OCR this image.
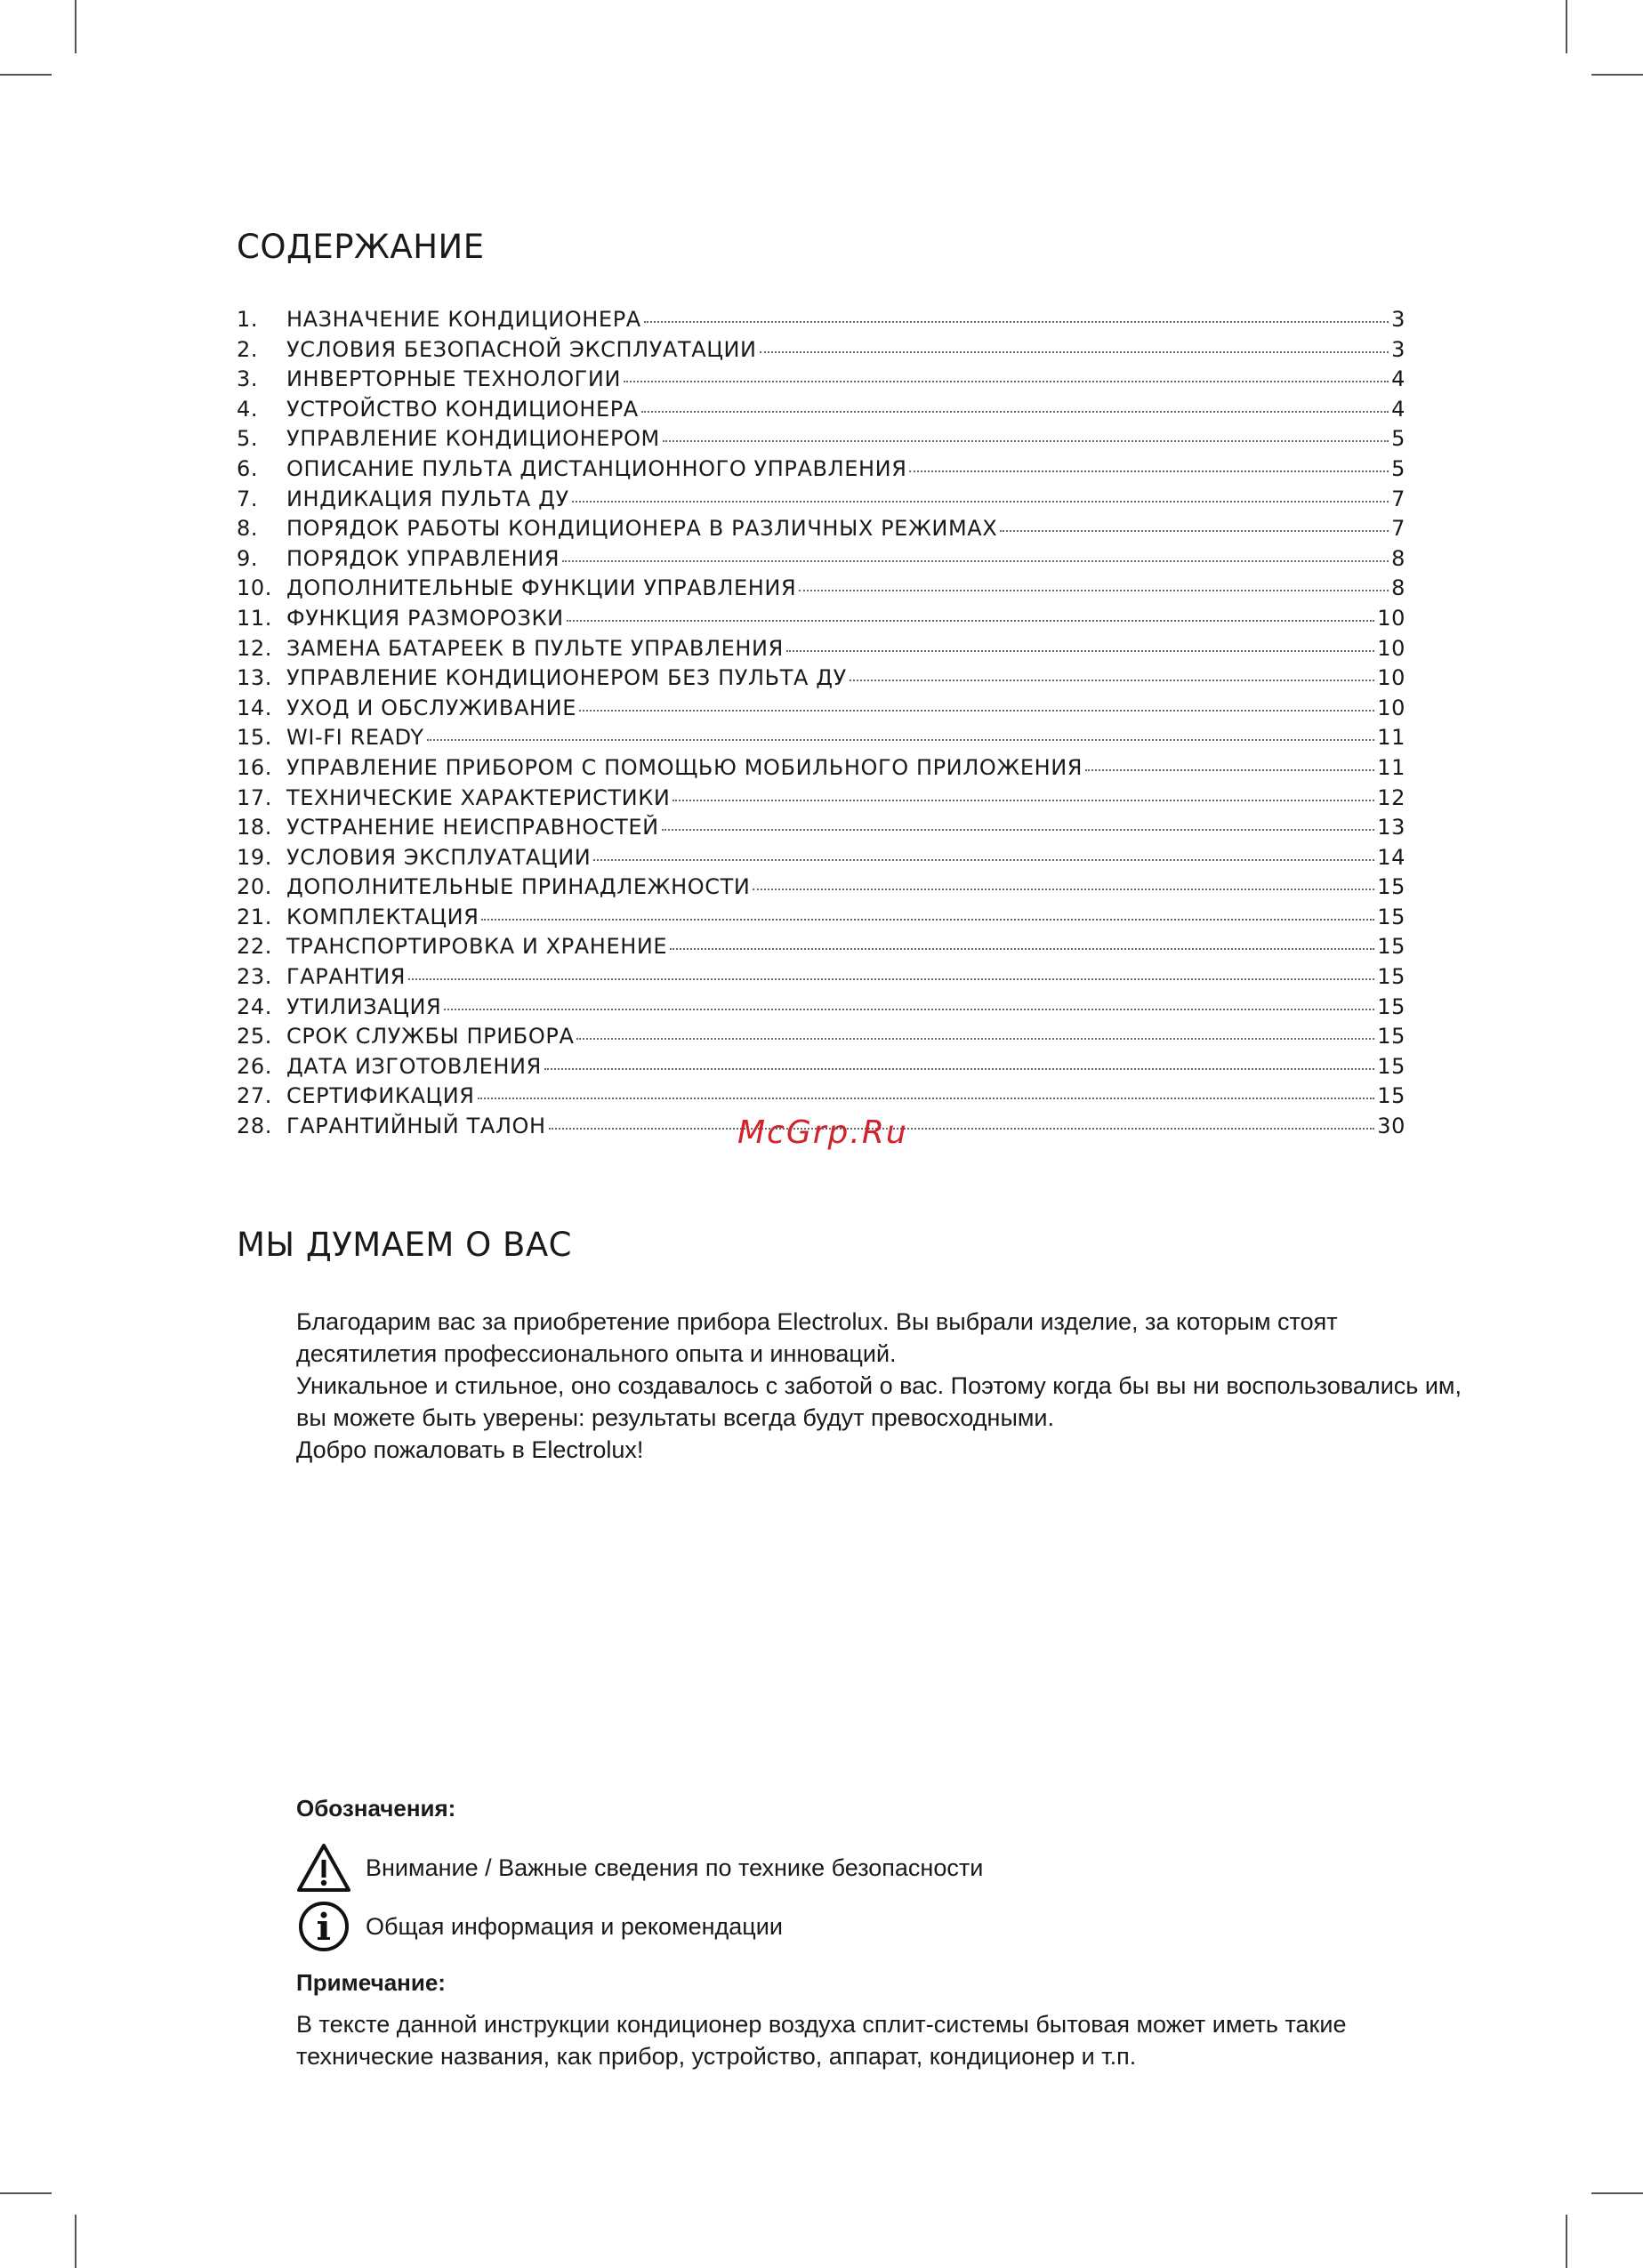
СОДЕРЖАНИЕ
1.	НАЗНАЧЕНИЕ КОНДИЦИОНЕРА	3
2.	УСЛОВИЯ БЕЗОПАСНОЙ ЭКСПЛУАТАЦИИ	3
3.	ИНВЕРТОРНЫЕ ТЕХНОЛОГИИ	4
4.	УСТРОЙСТВО КОНДИЦИОНЕРА	4
5.	УПРАВЛЕНИЕ КОНДИЦИОНЕРОМ	5
6.	ОПИСАНИЕ ПУЛЬТА ДИСТАНЦИОННОГО УПРАВЛЕНИЯ	5
7.	ИНДИКАЦИЯ ПУЛЬТА ДУ	7
8.	ПОРЯДОК РАБОТЫ КОНДИЦИОНЕРА В РАЗЛИЧНЫХ РЕЖИМАХ	7
9.	ПОРЯДОК УПРАВЛЕНИЯ	8
10. ДОПОЛНИТЕЛЬНЫЕ ФУНКЦИИ УПРАВЛЕНИЯ	8
11. ФУНКЦИЯ РАЗМОРОЗКИ	10
12. ЗАМЕНА БАТАРЕЕК В ПУЛЬТЕ УПРАВЛЕНИЯ	10
13. УПРАВЛЕНИЕ КОНДИЦИОНЕРОМ БЕЗ ПУЛЬТА ДУ	10
14. УХОД И ОБСЛУЖИВАНИЕ	10
15. WI-FI READY	11
16. УПРАВЛЕНИЕ ПРИБОРОМ С ПОМОЩЬЮ МОБИЛЬНОГО ПРИЛОЖЕНИЯ	11
17. ТЕХНИЧЕСКИЕ ХАРАКТЕРИСТИКИ	12
18. УСТРАНЕНИЕ НЕИСПРАВНОСТЕЙ	13
19. УСЛОВИЯ ЭКСПЛУАТАЦИИ	14
20. ДОПОЛНИТЕЛЬНЫЕ ПРИНАДЛЕЖНОСТИ	15
21. КОМПЛЕКТАЦИЯ	15
22. ТРАНСПОРТИРОВКА И ХРАНЕНИЕ	15
23. ГАРАНТИЯ	15
24. УТИЛИЗАЦИЯ	15
25. СРОК СЛУЖБЫ ПРИБОРА	15
26. ДАТА ИЗГОТОВЛЕНИЯ	15
27. СЕРТИФИКАЦИЯ	15
28. ГАРАНТИЙНЫЙ ТАЛОН	30
McGrp.Ru
МЫ ДУМАЕМ О ВАС

Благодарим вас за приобретение прибора Electrolux. Вы выбрали изделие, за которым стоят десятилетия профессионального опыта и инноваций.

Уникальное и стильное, оно создавалось с заботой о вас. Поэтому когда бы вы ни воспользовались им, вы можете быть уверены: результаты всегда будут превосходными.

Добро пожаловать в Electrolux!

Обозначения:
Внимание / Важные сведения по технике безопасности
Общая информация и рекомендации
Примечание:
В тексте данной инструкции кондиционер воздуха сплит-системы бытовая может иметь такие технические названия, как прибор, устройство, аппарат, кондиционер и т.п.
